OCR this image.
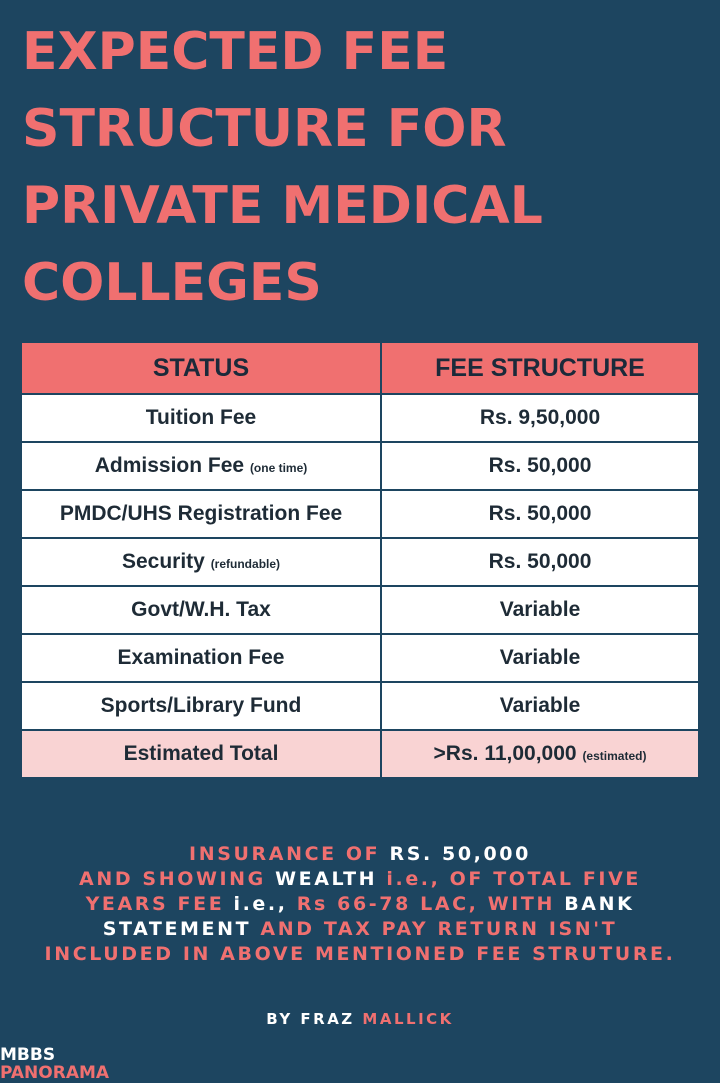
EXPECTED FEE
STRUCTURE FOR
PRIVATE MEDICAL
COLLEGES
STATUS	FEE STRUCTURE
Tuition Fee	Rs. 9,50,000
Admission Fee (one time)	Rs. 50,000
PMDC/UHS Registration Fee	Rs. 50,000
Security (refundable)	Rs. 50,000
Govt/W.H. Tax	Variable
Examination Fee	Variable
Sports/Library Fund	Variable
Estimated Total	>Rs. 11,00,000 (estimated)
INSURANCE OF RS. 50,000
AND SHOWING WEALTH i.e., OF TOTAL FIVE
YEARS FEE i.e., Rs 66-78 LAC, WITH BANK
STATEMENT AND TAX PAY RETURN ISN'T
INCLUDED IN ABOVE MENTIONED FEE STRUTURE.
BY FRAZ MALLICK
MBBS
PANORAMA
